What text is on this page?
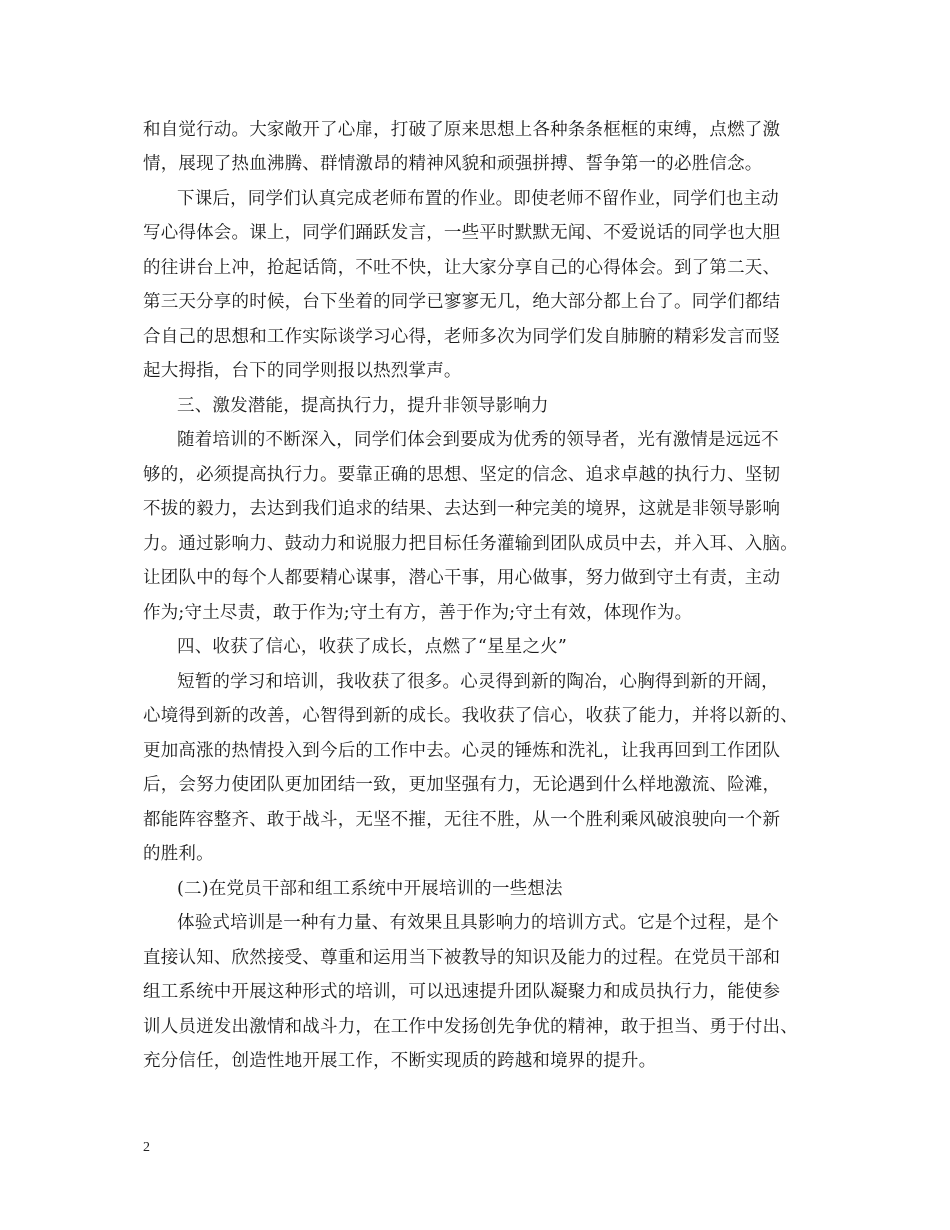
和自觉行动。大家敞开了心扉，打破了原来思想上各种条条框框的束缚，点燃了激
情，展现了热血沸腾、群情激昂的精神风貌和顽强拼搏、誓争第一的必胜信念。
下课后，同学们认真完成老师布置的作业。即使老师不留作业，同学们也主动
写心得体会。课上，同学们踊跃发言，一些平时默默无闻、不爱说话的同学也大胆
的往讲台上冲，抢起话筒，不吐不快，让大家分享自己的心得体会。到了第二天、
第三天分享的时候，台下坐着的同学已寥寥无几，绝大部分都上台了。同学们都结
合自己的思想和工作实际谈学习心得，老师多次为同学们发自肺腑的精彩发言而竖
起大拇指，台下的同学则报以热烈掌声。
三、激发潜能，提高执行力，提升非领导影响力
随着培训的不断深入，同学们体会到要成为优秀的领导者，光有激情是远远不
够的，必须提高执行力。要靠正确的思想、坚定的信念、追求卓越的执行力、坚韧
不拔的毅力，去达到我们追求的结果、去达到一种完美的境界，这就是非领导影响
力。通过影响力、鼓动力和说服力把目标任务灌输到团队成员中去，并入耳、入脑。
让团队中的每个人都要精心谋事，潜心干事，用心做事，努力做到守土有责，主动
作为;守土尽责，敢于作为;守土有方，善于作为;守土有效，体现作为。
四、收获了信心，收获了成长，点燃了“星星之火”
短暂的学习和培训，我收获了很多。心灵得到新的陶冶，心胸得到新的开阔，
心境得到新的改善，心智得到新的成长。我收获了信心，收获了能力，并将以新的、
更加高涨的热情投入到今后的工作中去。心灵的锤炼和洗礼，让我再回到工作团队
后，会努力使团队更加团结一致，更加坚强有力，无论遇到什么样地激流、险滩，
都能阵容整齐、敢于战斗，无坚不摧，无往不胜，从一个胜利乘风破浪驶向一个新
的胜利。
(二)在党员干部和组工系统中开展培训的一些想法
体验式培训是一种有力量、有效果且具影响力的培训方式。它是个过程，是个
直接认知、欣然接受、尊重和运用当下被教导的知识及能力的过程。在党员干部和
组工系统中开展这种形式的培训，可以迅速提升团队凝聚力和成员执行力，能使参
训人员迸发出激情和战斗力，在工作中发扬创先争优的精神，敢于担当、勇于付出、
充分信任，创造性地开展工作，不断实现质的跨越和境界的提升。
2
